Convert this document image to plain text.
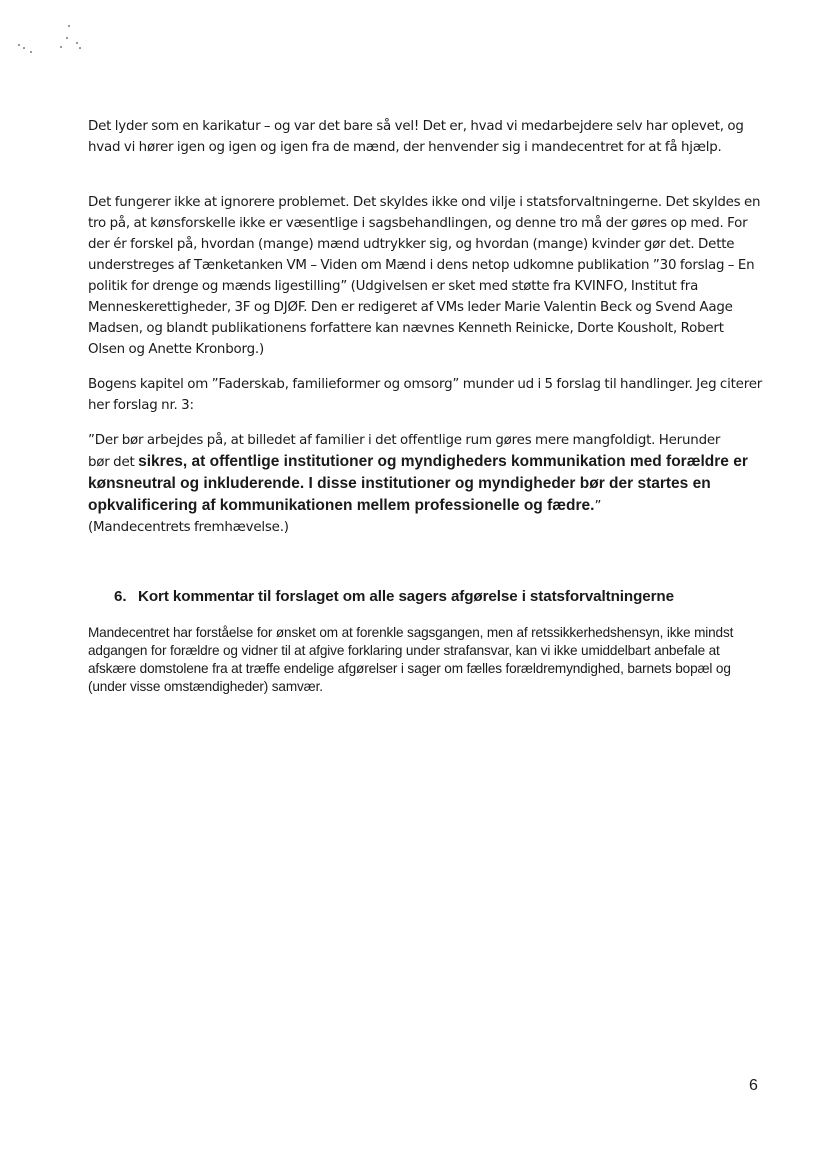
Det lyder som en karikatur – og var det bare så vel! Det er, hvad vi medarbejdere selv har oplevet, og hvad vi hører igen og igen og igen fra de mænd, der henvender sig i mandecentret for at få hjælp.

Det fungerer ikke at ignorere problemet. Det skyldes ikke ond vilje i statsforvaltningerne. Det skyldes en tro på, at kønsforskelle ikke er væsentlige i sagsbehandlingen, og denne tro må der gøres op med. For der ér forskel på, hvordan (mange) mænd udtrykker sig, og hvordan (mange) kvinder gør det. Dette understreges af Tænketanken VM – Viden om Mænd i dens netop udkomne publikation ”30 forslag – En politik for drenge og mænds ligestilling” (Udgivelsen er sket med støtte fra KVINFO, Institut fra Menneskerettigheder, 3F og DJØF. Den er redigeret af VMs leder Marie Valentin Beck og Svend Aage Madsen, og blandt publikationens forfattere kan nævnes Kenneth Reinicke, Dorte Kousholt, Robert Olsen og Anette Kronborg.)

Bogens kapitel om ”Faderskab, familieformer og omsorg” munder ud i 5 forslag til handlinger. Jeg citerer her forslag nr. 3:

”Der bør arbejdes på, at billedet af familier i det offentlige rum gøres mere mangfoldigt. Herunder
bør det sikres, at offentlige institutioner og myndigheders kommunikation med forældre er kønsneutral og inkluderende. I disse institutioner og myndigheder bør der startes en opkvalificering af kommunikationen mellem professionelle og fædre.”
(Mandecentrets fremhævelse.)

6. Kort kommentar til forslaget om alle sagers afgørelse i statsforvaltningerne

Mandecentret har forståelse for ønsket om at forenkle sagsgangen, men af retssikkerhedshensyn, ikke mindst adgangen for forældre og vidner til at afgive forklaring under strafansvar, kan vi ikke umiddelbart anbefale at afskære domstolene fra at træffe endelige afgørelser i sager om fælles forældremyndighed, barnets bopæl og (under visse omstændigheder) samvær.

6
